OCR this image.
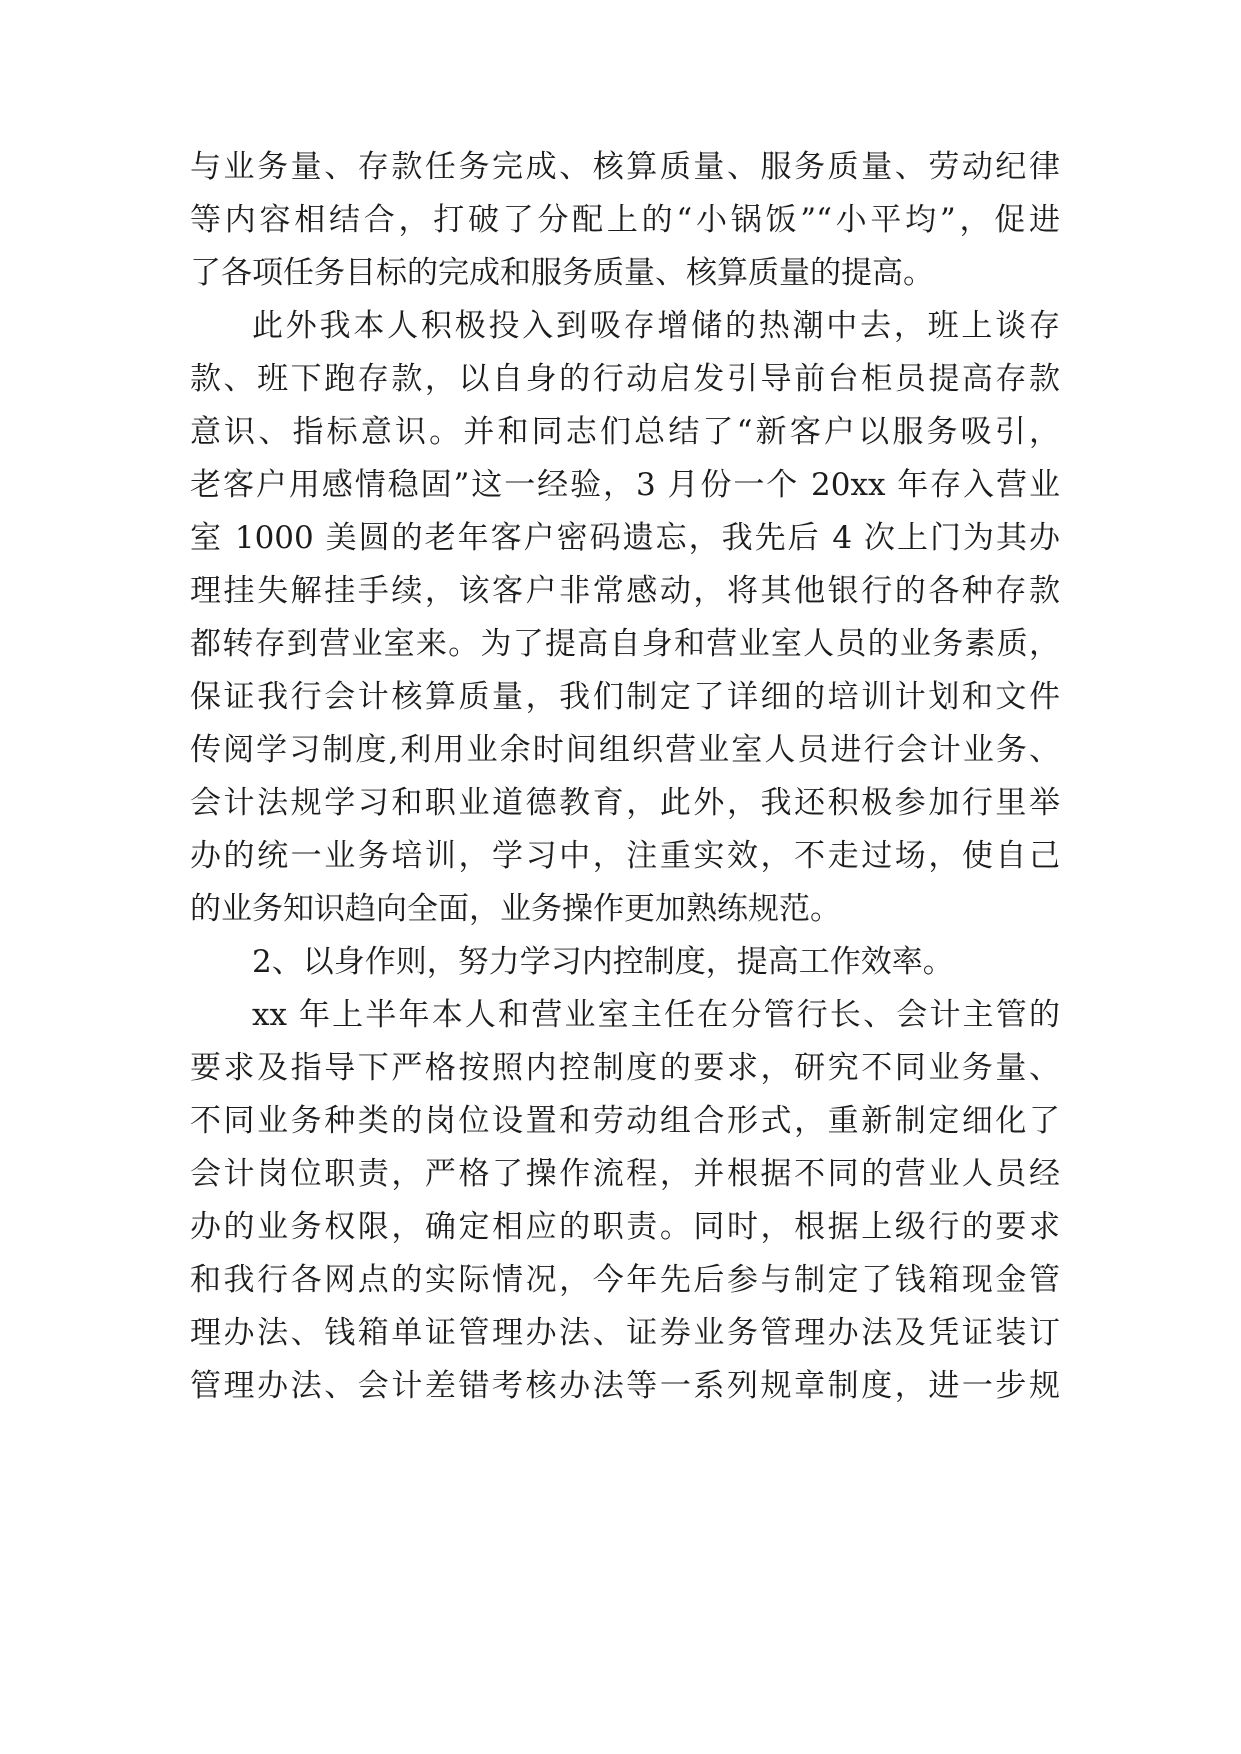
与业务量、存款任务完成、核算质量、服务质量、劳动纪律
等内容相结合，打破了分配上的“小锅饭”“小平均”，促进
了各项任务目标的完成和服务质量、核算质量的提高。
此外我本人积极投入到吸存增储的热潮中去，班上谈存
款、班下跑存款，以自身的行动启发引导前台柜员提高存款
意识、指标意识。并和同志们总结了“新客户以服务吸引，
老客户用感情稳固”这一经验，3 月份一个 20xx 年存入营业
室 1000 美圆的老年客户密码遗忘，我先后 4 次上门为其办
理挂失解挂手续，该客户非常感动，将其他银行的各种存款
都转存到营业室来。为了提高自身和营业室人员的业务素质，
保证我行会计核算质量，我们制定了详细的培训计划和文件
传阅学习制度,利用业余时间组织营业室人员进行会计业务、
会计法规学习和职业道德教育，此外，我还积极参加行里举
办的统一业务培训，学习中，注重实效，不走过场，使自己
的业务知识趋向全面，业务操作更加熟练规范。
2、以身作则，努力学习内控制度，提高工作效率。
xx 年上半年本人和营业室主任在分管行长、会计主管的
要求及指导下严格按照内控制度的要求，研究不同业务量、
不同业务种类的岗位设置和劳动组合形式，重新制定细化了
会计岗位职责，严格了操作流程，并根据不同的营业人员经
办的业务权限，确定相应的职责。同时，根据上级行的要求
和我行各网点的实际情况，今年先后参与制定了钱箱现金管
理办法、钱箱单证管理办法、证券业务管理办法及凭证装订
管理办法、会计差错考核办法等一系列规章制度，进一步规
